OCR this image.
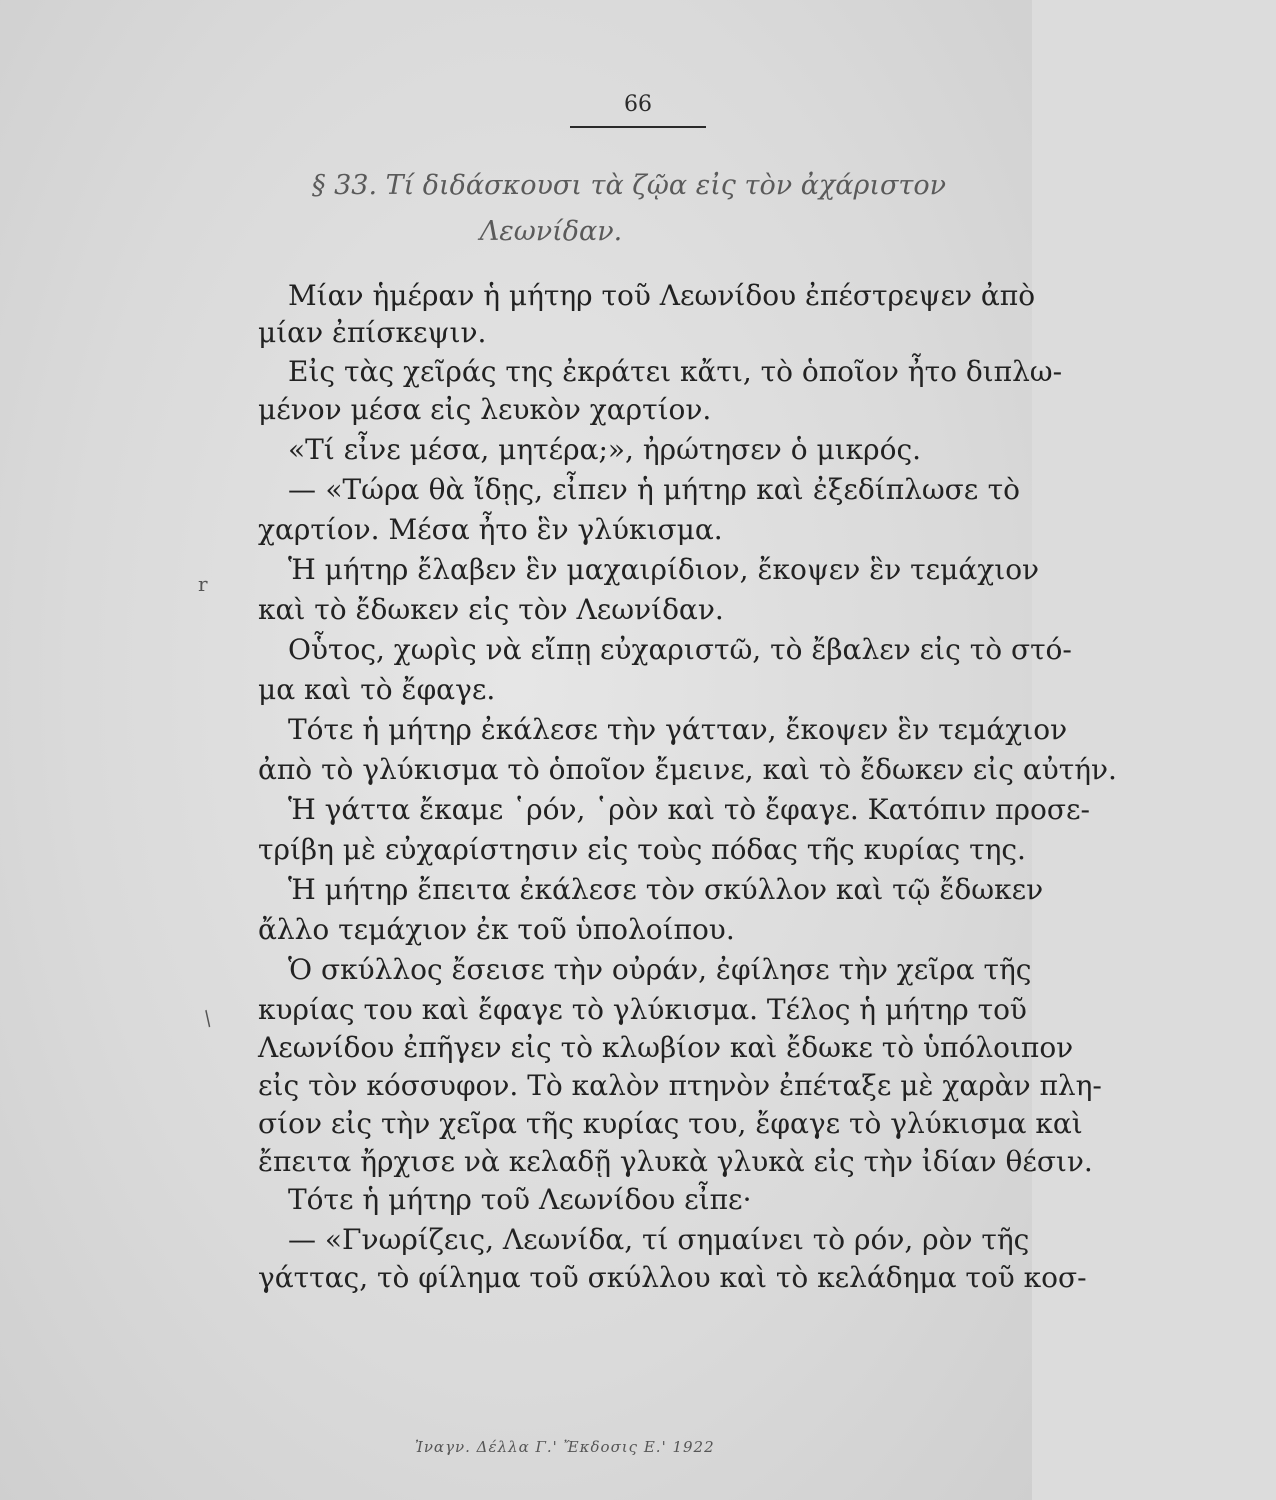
66
§ 33. Τί διδάσκουσι τὰ ζῷα εἰς τὸν ἀχάριστον
Λεωνίδαν.
Μίαν ἡμέραν ἡ μήτηρ τοῦ Λεωνίδου ἐπέστρεψεν ἀπὸ
μίαν ἐπίσκεψιν.
Εἰς τὰς χεῖράς της ἐκράτει κἄτι, τὸ ὁποῖον ἦτο διπλω-
μένον μέσα εἰς λευκὸν χαρτίον.
«Τί εἶνε μέσα, μητέρα;», ἠρώτησεν ὁ μικρός.
— «Τώρα θὰ ἴδῃς, εἶπεν ἡ μήτηρ καὶ ἐξεδίπλωσε τὸ
χαρτίον. Μέσα ἦτο ἓν γλύκισμα.
Ἡ μήτηρ ἔλαβεν ἓν μαχαιρίδιον, ἔκοψεν ἓν τεμάχιον
καὶ τὸ ἔδωκεν εἰς τὸν Λεωνίδαν.
Οὗτος, χωρὶς νὰ εἴπῃ εὐχαριστῶ, τὸ ἔβαλεν εἰς τὸ στό-
μα καὶ τὸ ἔφαγε.
Τότε ἡ μήτηρ ἐκάλεσε τὴν γάτταν, ἔκοψεν ἓν τεμάχιον
ἀπὸ τὸ γλύκισμα τὸ ὁποῖον ἔμεινε, καὶ τὸ ἔδωκεν εἰς αὐτήν.
Ἡ γάττα ἔκαμε ῾ρόν, ῾ρὸν καὶ τὸ ἔφαγε. Κατόπιν προσε-
τρίβη μὲ εὐχαρίστησιν εἰς τοὺς πόδας τῆς κυρίας της.
Ἡ μήτηρ ἔπειτα ἐκάλεσε τὸν σκύλλον καὶ τῷ ἔδωκεν
ἄλλο τεμάχιον ἐκ τοῦ ὑπολοίπου.
Ὁ σκύλλος ἔσεισε τὴν οὐράν, ἐφίλησε τὴν χεῖρα τῆς
κυρίας του καὶ ἔφαγε τὸ γλύκισμα. Τέλος ἡ μήτηρ τοῦ
Λεωνίδου ἐπῆγεν εἰς τὸ κλωβίον καὶ ἔδωκε τὸ ὑπόλοιπον
εἰς τὸν κόσσυφον. Τὸ καλὸν πτηνὸν ἐπέταξε μὲ χαρὰν πλη-
σίον εἰς τὴν χεῖρα τῆς κυρίας του, ἔφαγε τὸ γλύκισμα καὶ
ἔπειτα ἤρχισε νὰ κελαδῇ γλυκὰ γλυκὰ εἰς τὴν ἰδίαν θέσιν.
Τότε ἡ μήτηρ τοῦ Λεωνίδου εἶπε·
— «Γνωρίζεις, Λεωνίδα, τί σημαίνει τὸ ρόν, ρὸν τῆς
γάττας, τὸ φίλημα τοῦ σκύλλου καὶ τὸ κελάδημα τοῦ κοσ-
Ἰναγν. Δέλλα Γ.' Ἔκδοσις Ε.' 1922
r
/
